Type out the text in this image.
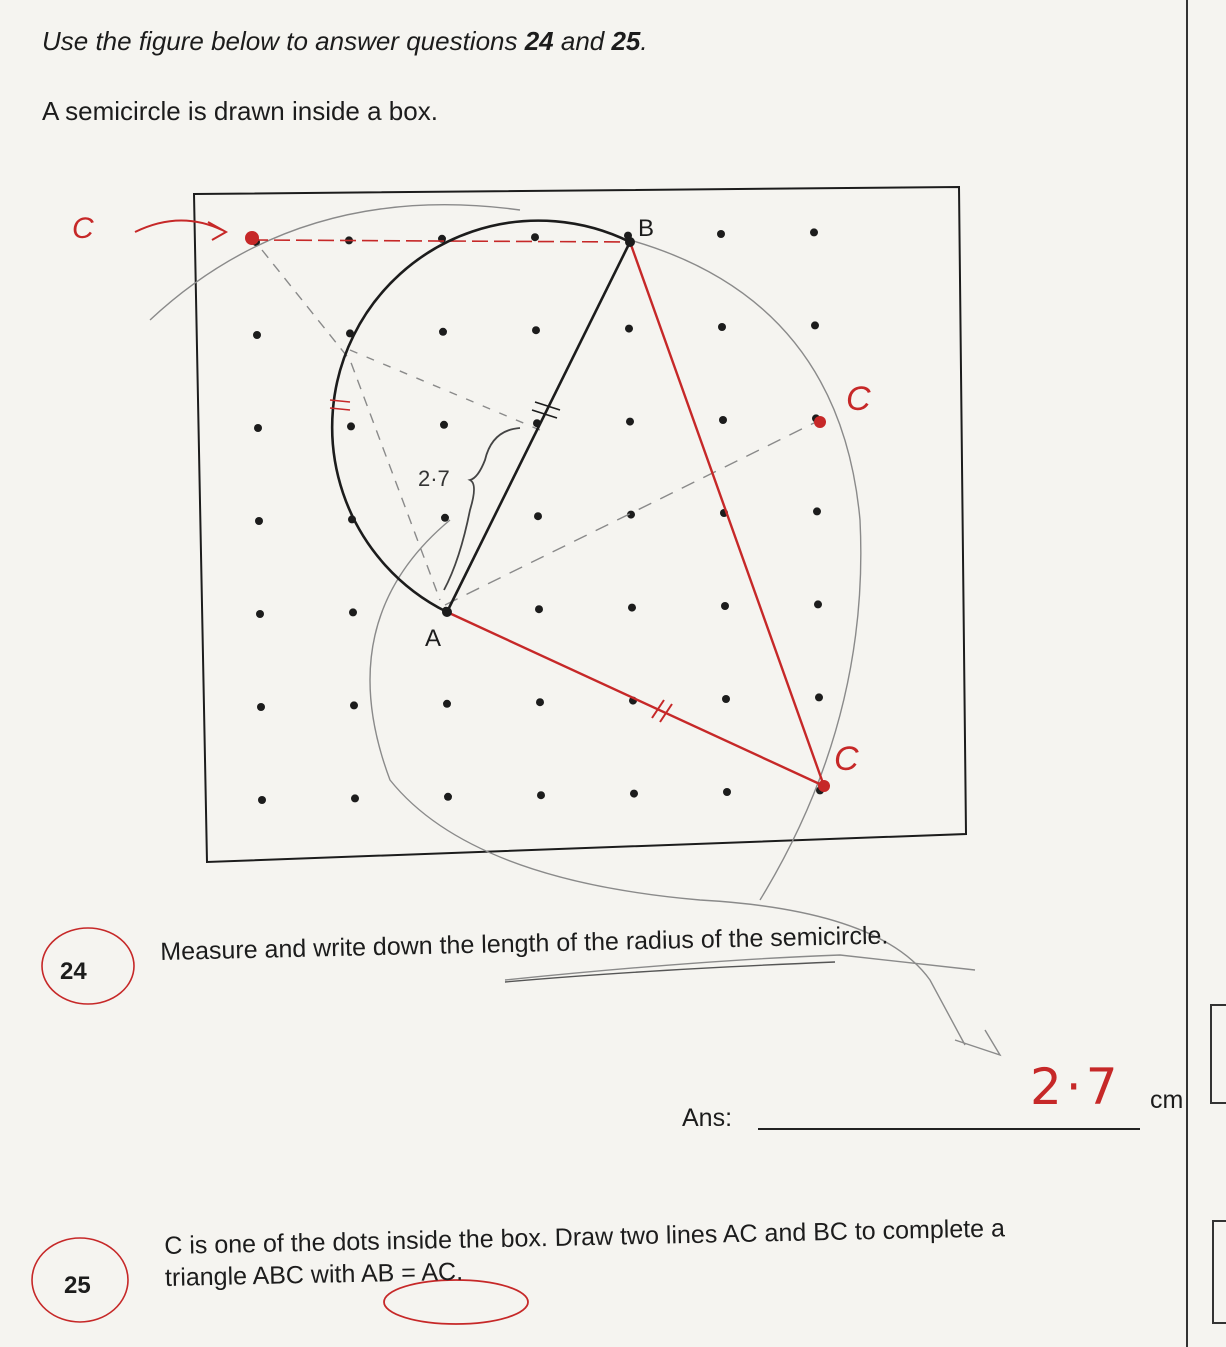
Use the figure below to answer questions 24 and 25.
A semicircle is drawn inside a box.
B
A
2·7
C
C
C
24
Measure and write down the length of the radius of the semicircle.
Ans:
2·7 cm
25
C is one of the dots inside the box. Draw two lines AC and BC to complete a
triangle ABC with AB = AC.
